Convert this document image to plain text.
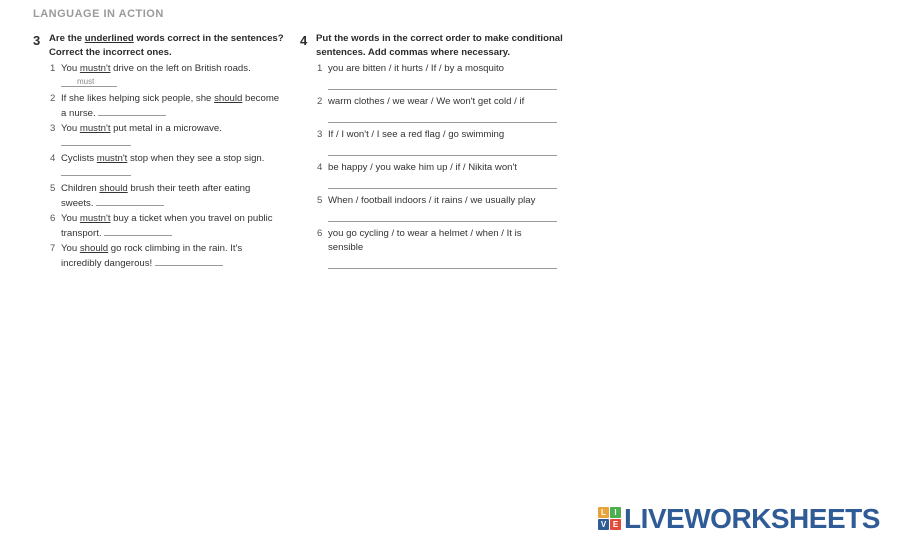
LANGUAGE IN ACTION
3 Are the underlined words correct in the sentences?
Correct the incorrect ones.
1 You mustn't drive on the left on British roads.
2 If she likes helping sick people, she should become
a nurse.
3 You mustn't put metal in a microwave.

4 Cyclists mustn't stop when they see a stop sign.

5 Children should brush their teeth after eating
sweets.
6 You mustn't buy a ticket when you travel on public
transport.
7 You should go rock climbing in the rain. It's
incredibly dangerous!
must
1 you are bitten / it hurts / If / by a mosquito
2 warm clothes / we wear / We won't get cold / if
3 If / I won't / I see a red flag / go swimming
4 be happy / you wake him up / if / Nikita won't
5 When / football indoors / it rains / we usually play
6 you go cycling / to wear a helmet / when / It is
sensible
4 Put the words in the correct order to make conditional
sentences. Add commas where necessary.
L	I
V E LIVEWORKSHEETS
